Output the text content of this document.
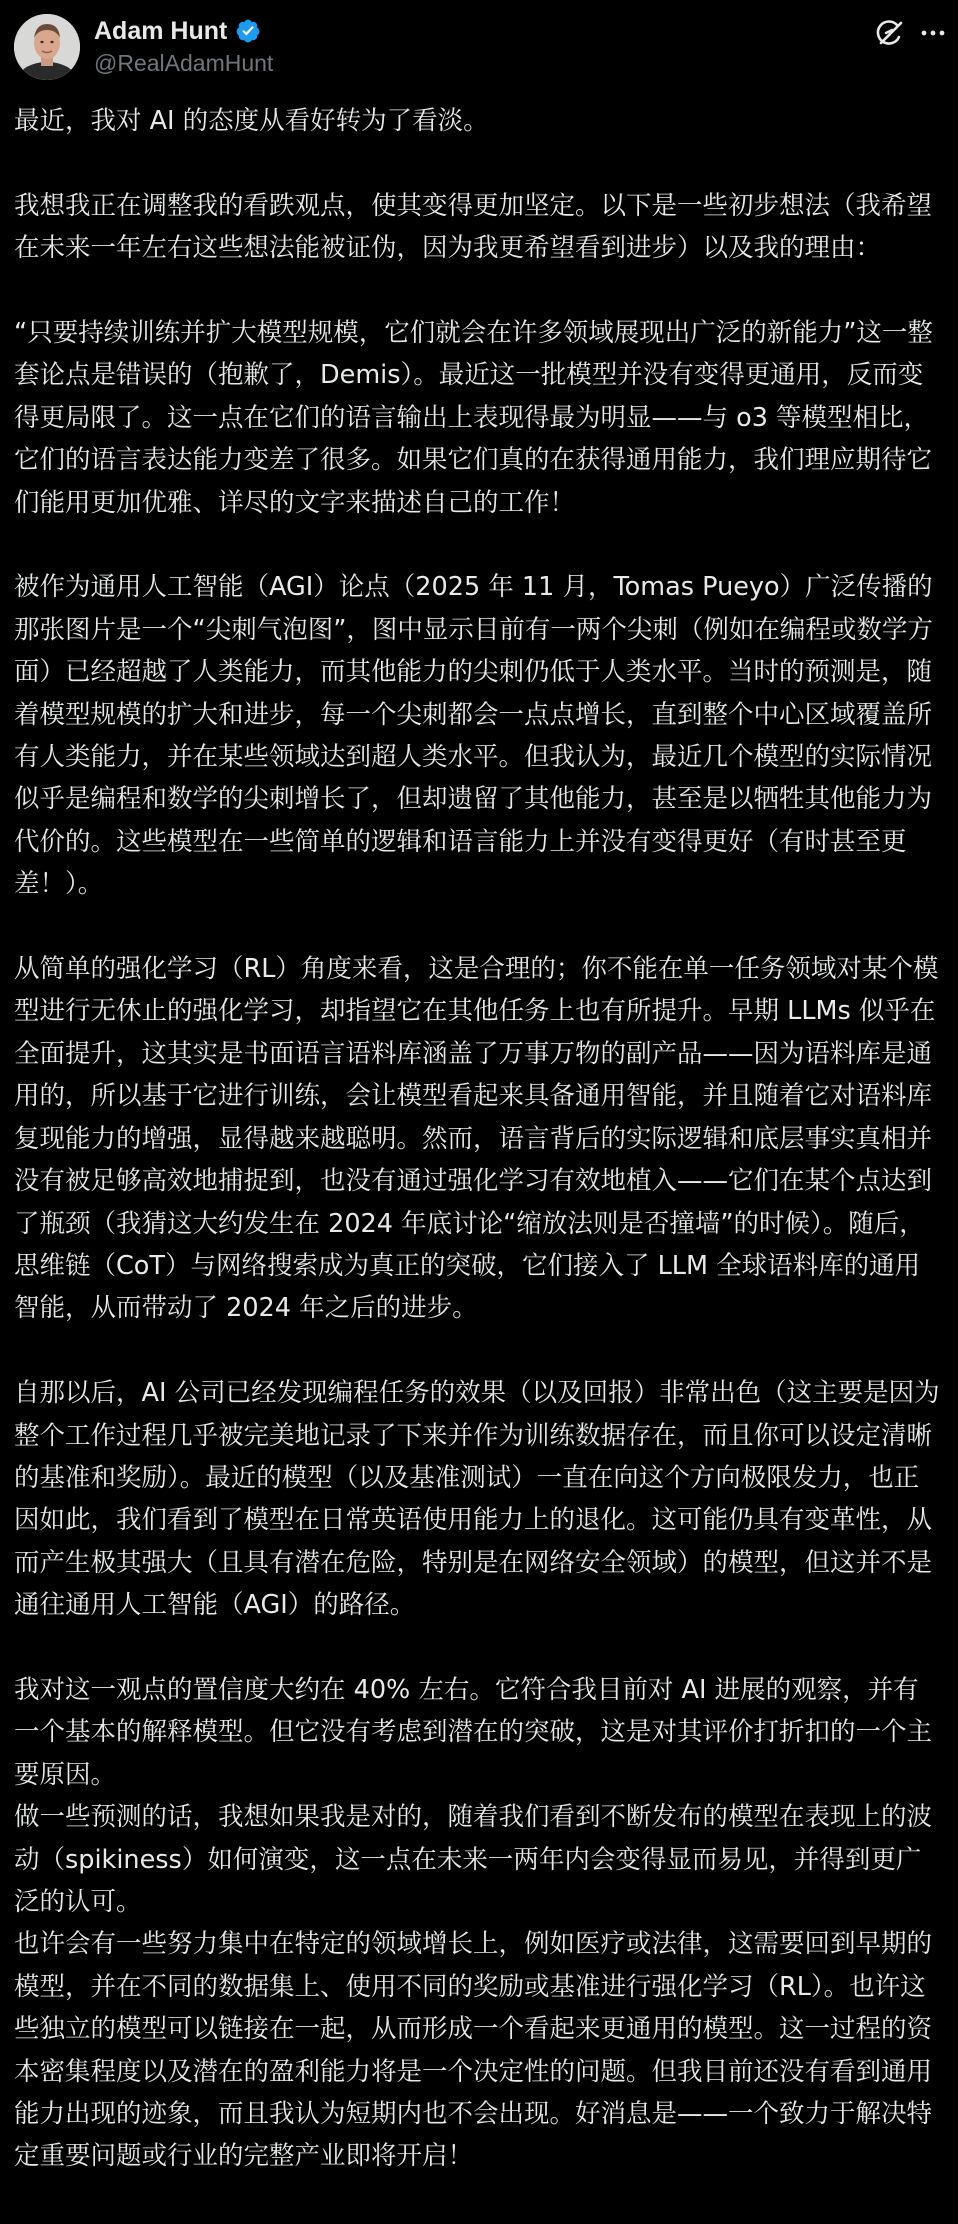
Adam Hunt
@RealAdamHunt

最近，我对 AI 的态度从看好转为了看淡。

我想我正在调整我的看跌观点，使其变得更加坚定。以下是一些初步想法（我希望在未来一年左右这些想法能被证伪，因为我更希望看到进步）以及我的理由：

“只要持续训练并扩大模型规模，它们就会在许多领域展现出广泛的新能力”这一整套论点是错误的（抱歉了，Demis）。最近这一批模型并没有变得更通用，反而变得更局限了。这一点在它们的语言输出上表现得最为明显——与 o3 等模型相比，它们的语言表达能力变差了很多。如果它们真的在获得通用能力，我们理应期待它们能用更加优雅、详尽的文字来描述自己的工作！

被作为通用人工智能（AGI）论点（2025 年 11 月，Tomas Pueyo）广泛传播的那张图片是一个“尖刺气泡图”，图中显示目前有一两个尖刺（例如在编程或数学方面）已经超越了人类能力，而其他能力的尖刺仍低于人类水平。当时的预测是，随着模型规模的扩大和进步，每一个尖刺都会一点点增长，直到整个中心区域覆盖所有人类能力，并在某些领域达到超人类水平。但我认为，最近几个模型的实际情况似乎是编程和数学的尖刺增长了，但却遗留了其他能力，甚至是以牺牲其他能力为代价的。这些模型在一些简单的逻辑和语言能力上并没有变得更好（有时甚至更差！）。

从简单的强化学习（RL）角度来看，这是合理的；你不能在单一任务领域对某个模型进行无休止的强化学习，却指望它在其他任务上也有所提升。早期 LLMs 似乎在全面提升，这其实是书面语言语料库涵盖了万事万物的副产品——因为语料库是通用的，所以基于它进行训练，会让模型看起来具备通用智能，并且随着它对语料库复现能力的增强，显得越来越聪明。然而，语言背后的实际逻辑和底层事实真相并没有被足够高效地捕捉到，也没有通过强化学习有效地植入——它们在某个点达到了瓶颈（我猜这大约发生在 2024 年底讨论“缩放法则是否撞墙”的时候）。随后，思维链（CoT）与网络搜索成为真正的突破，它们接入了 LLM 全球语料库的通用智能，从而带动了 2024 年之后的进步。

自那以后，AI 公司已经发现编程任务的效果（以及回报）非常出色（这主要是因为整个工作过程几乎被完美地记录了下来并作为训练数据存在，而且你可以设定清晰的基准和奖励）。最近的模型（以及基准测试）一直在向这个方向极限发力，也正因如此，我们看到了模型在日常英语使用能力上的退化。这可能仍具有变革性，从而产生极其强大（且具有潜在危险，特别是在网络安全领域）的模型，但这并不是通往通用人工智能（AGI）的路径。

我对这一观点的置信度大约在 40% 左右。它符合我目前对 AI 进展的观察，并有一个基本的解释模型。但它没有考虑到潜在的突破，这是对其评价打折扣的一个主要原因。

做一些预测的话，我想如果我是对的，随着我们看到不断发布的模型在表现上的波动（spikiness）如何演变，这一点在未来一两年内会变得显而易见，并得到更广泛的认可。

也许会有一些努力集中在特定的领域增长上，例如医疗或法律，这需要回到早期的模型，并在不同的数据集上、使用不同的奖励或基准进行强化学习（RL）。也许这些独立的模型可以链接在一起，从而形成一个看起来更通用的模型。这一过程的资本密集程度以及潜在的盈利能力将是一个决定性的问题。但我目前还没有看到通用能力出现的迹象，而且我认为短期内也不会出现。好消息是——一个致力于解决特定重要问题或行业的完整产业即将开启！
